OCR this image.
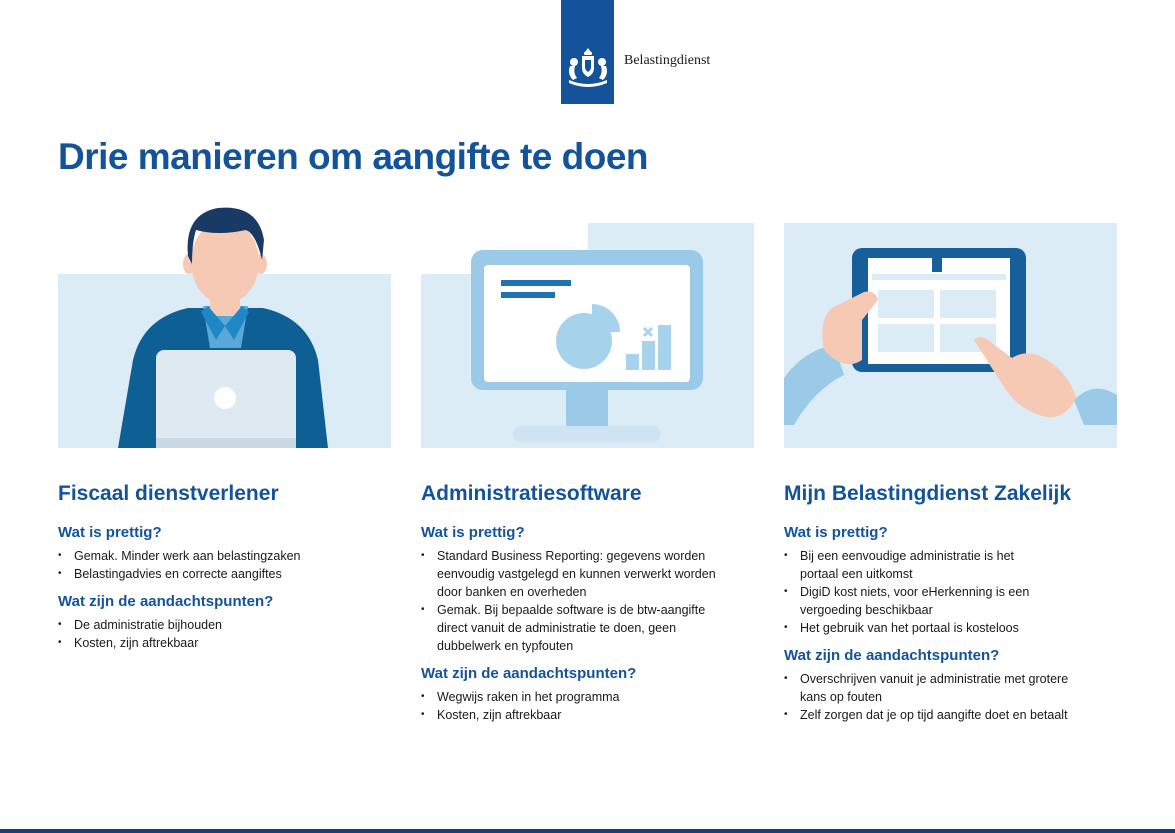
Belastingdienst
Drie manieren om aangifte te doen
Fiscaal dienstverlener
Wat is prettig?
• Gemak. Minder werk aan belastingzaken
• Belastingadvies en correcte aangiftes
Wat zijn de aandachtspunten?
• De administratie bijhouden
• Kosten, zijn aftrekbaar
Administratiesoftware
Wat is prettig?
• Standard Business Reporting: gegevens worden eenvoudig vastgelegd en kunnen verwerkt worden door banken en overheden
• Gemak. Bij bepaalde software is de btw-aangifte direct vanuit de administratie te doen, geen dubbelwerk en typfouten
Wat zijn de aandachtspunten?
• Wegwijs raken in het programma
• Kosten, zijn aftrekbaar
Mijn Belastingdienst Zakelijk
Wat is prettig?
• Bij een eenvoudige administratie is het portaal een uitkomst
• DigiD kost niets, voor eHerkenning is een vergoeding beschikbaar
• Het gebruik van het portaal is kosteloos
Wat zijn de aandachtspunten?
• Overschrijven vanuit je administratie met grotere kans op fouten
• Zelf zorgen dat je op tijd aangifte doet en betaalt
